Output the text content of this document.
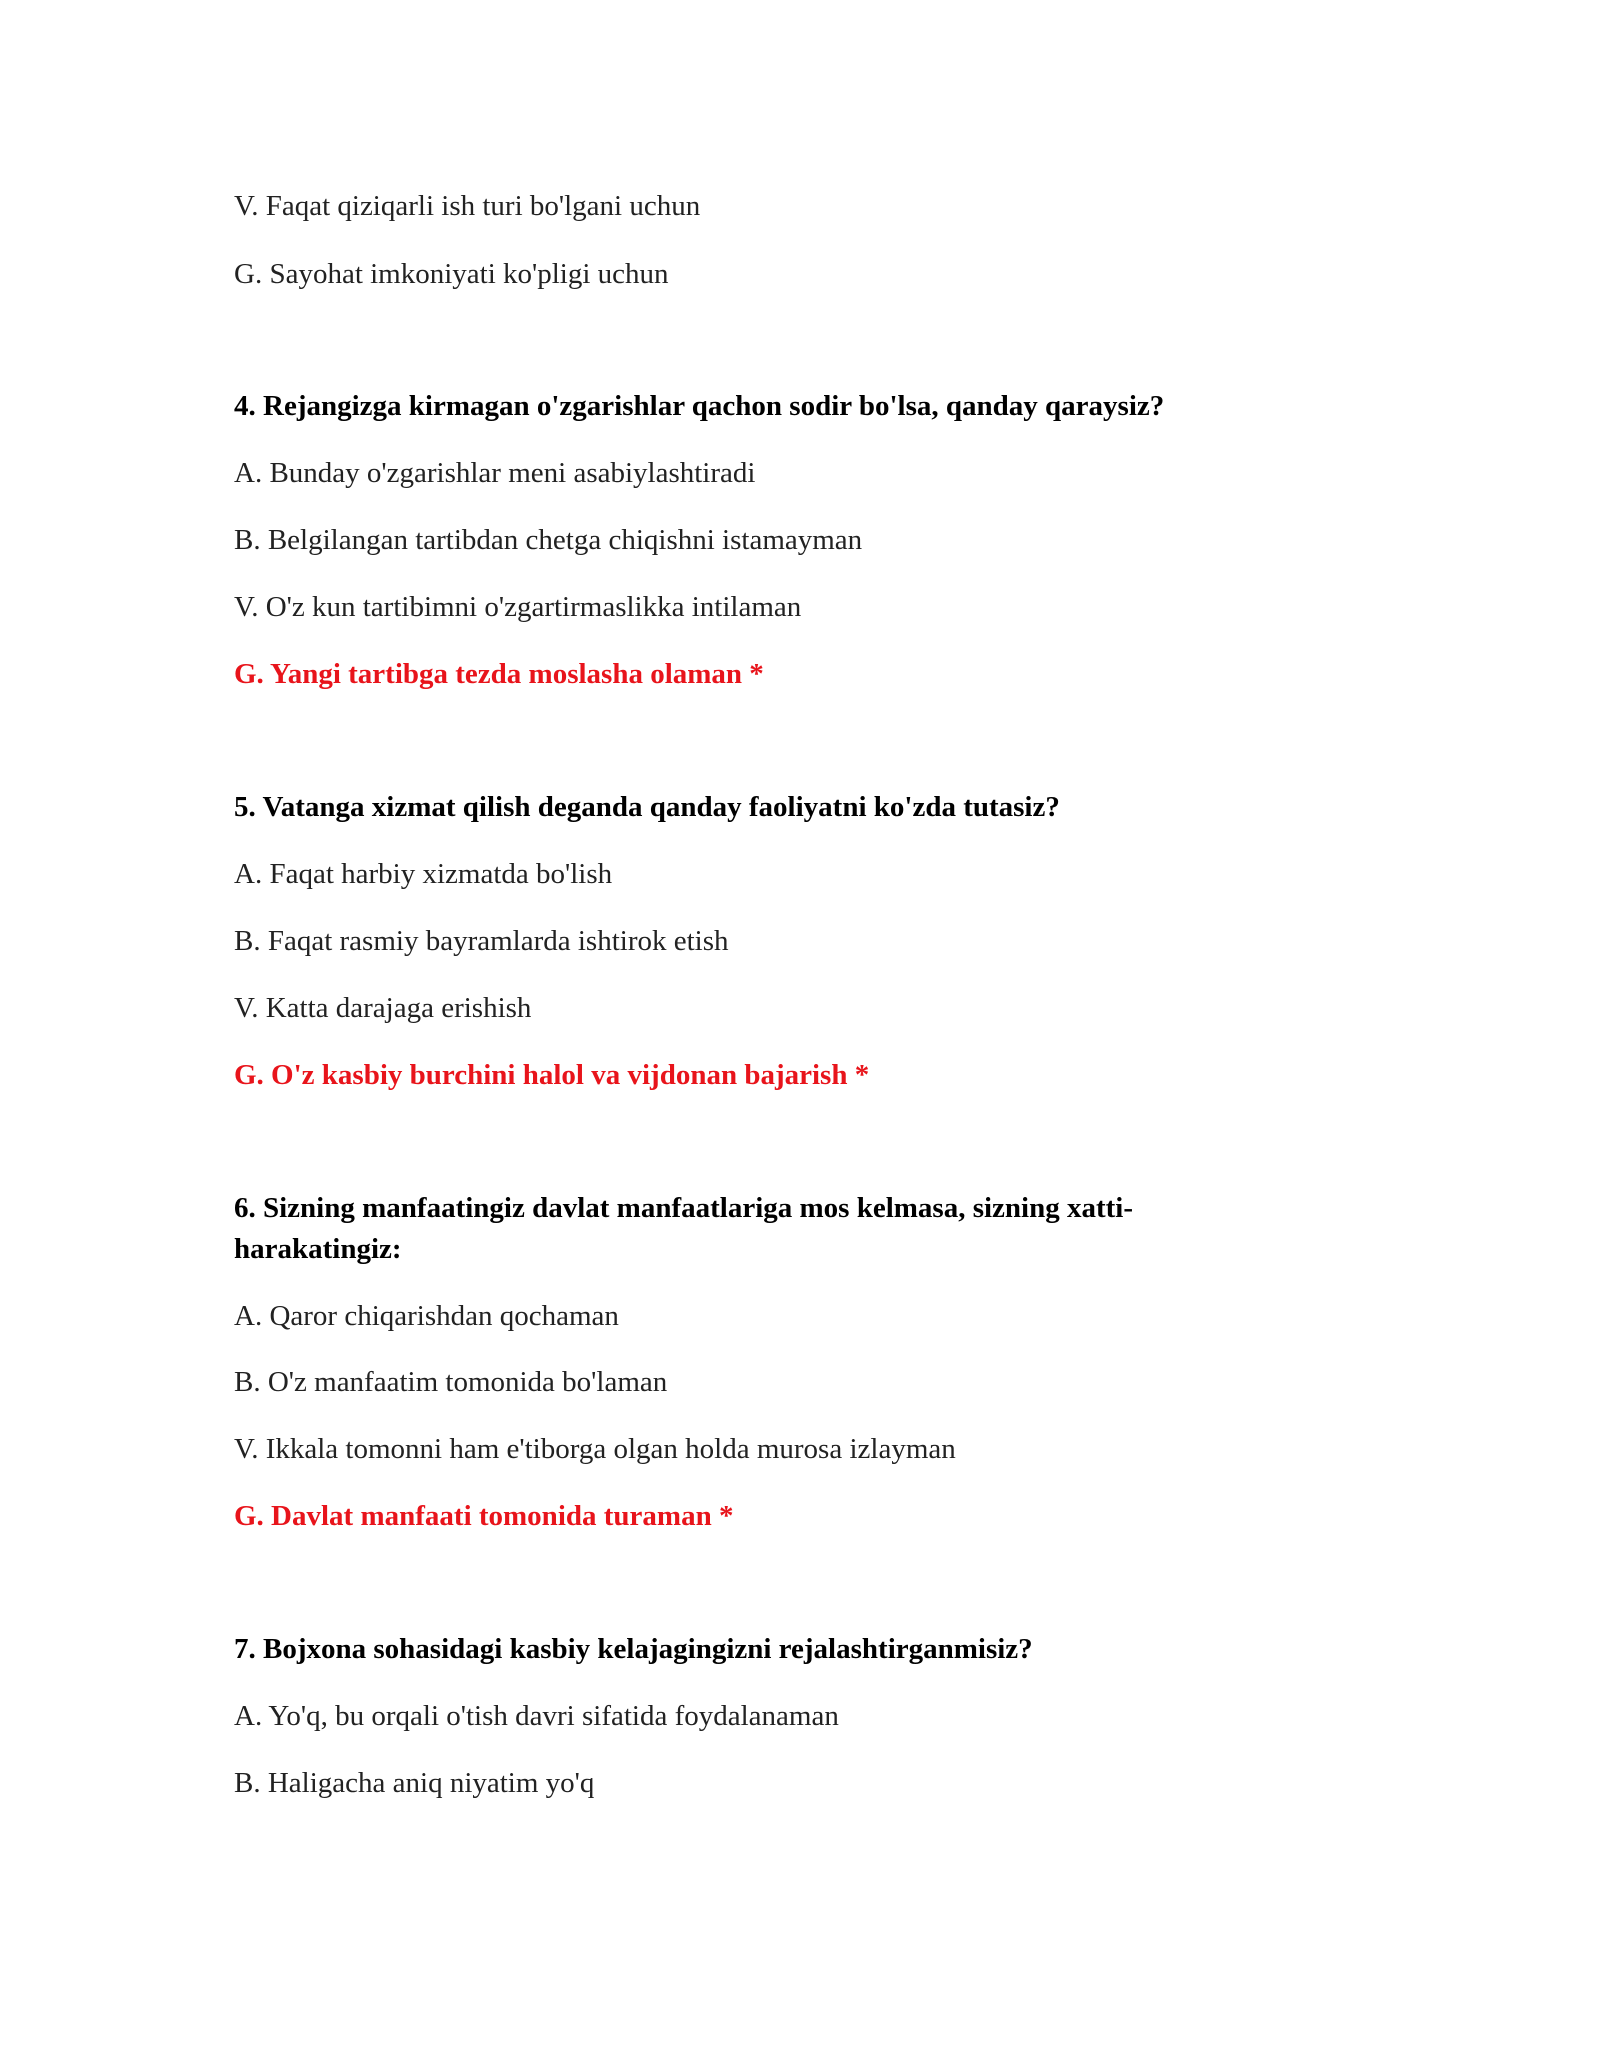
V. Faqat qiziqarli ish turi bo'lgani uchun
G. Sayohat imkoniyati ko'pligi uchun
4. Rejangizga kirmagan o'zgarishlar qachon sodir bo'lsa, qanday qaraysiz?
A. Bunday o'zgarishlar meni asabiylashtiradi
B. Belgilangan tartibdan chetga chiqishni istamayman
V. O'z kun tartibimni o'zgartirmaslikka intilaman
G. Yangi tartibga tezda moslasha olaman *
5. Vatanga xizmat qilish deganda qanday faoliyatni ko'zda tutasiz?
A. Faqat harbiy xizmatda bo'lish
B. Faqat rasmiy bayramlarda ishtirok etish
V. Katta darajaga erishish
G. O'z kasbiy burchini halol va vijdonan bajarish *
6. Sizning manfaatingiz davlat manfaatlariga mos kelmasa, sizning xatti-
harakatingiz:
A. Qaror chiqarishdan qochaman
B. O'z manfaatim tomonida bo'laman
V. Ikkala tomonni ham e'tiborga olgan holda murosa izlayman
G. Davlat manfaati tomonida turaman *
7. Bojxona sohasidagi kasbiy kelajagingizni rejalashtirganmisiz?
A. Yo'q, bu orqali o'tish davri sifatida foydalanaman
B. Haligacha aniq niyatim yo'q
